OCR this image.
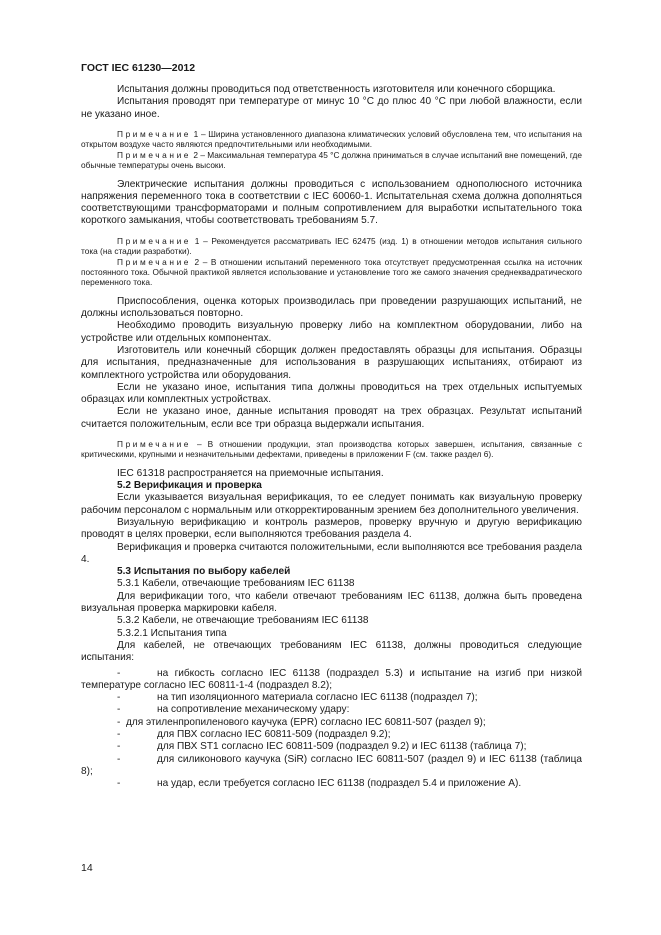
ГОСТ IEC 61230—2012

Испытания должны проводиться под ответственность изготовителя или конечного сборщика.

Испытания проводят при температуре от минус 10 °С до плюс 40 °С при любой влажности, если не указано иное.

Примечание 1 – Ширина установленного диапазона климатических условий обусловлена тем, что испытания на открытом воздухе часто являются предпочтительными или необходимыми.

Примечание 2 – Максимальная температура 45 °С должна приниматься в случае испытаний вне помещений, где обычные температуры очень высоки.

Электрические испытания должны проводиться с использованием однополюсного источника напряжения переменного тока в соответствии с IEC 60060-1. Испытательная схема должна дополняться соответствующими трансформаторами и полным сопротивлением для выработки испытательного тока короткого замыкания, чтобы соответствовать требованиям 5.7.

Примечание 1 – Рекомендуется рассматривать IEC 62475 (изд. 1) в отношении методов испытания сильного тока (на стадии разработки).

Примечание 2 – В отношении испытаний переменного тока отсутствует предусмотренная ссылка на источник постоянного тока. Обычной практикой является использование и установление того же самого значения среднеквадратического переменного тока.

Приспособления, оценка которых производилась при проведении разрушающих испытаний, не должны использоваться повторно.

Необходимо проводить визуальную проверку либо на комплектном оборудовании, либо на устройстве или отдельных компонентах.

Изготовитель или конечный сборщик должен предоставлять образцы для испытания. Образцы для испытания, предназначенные для использования в разрушающих испытаниях, отбирают из комплектного устройства или оборудования.

Если не указано иное, испытания типа должны проводиться на трех отдельных испытуемых образцах или комплектных устройствах.

Если не указано иное, данные испытания проводят на трех образцах. Результат испытаний считается положительным, если все три образца выдержали испытания.

Примечание – В отношении продукции, этап производства которых завершен, испытания, связанные с критическими, крупными и незначительными дефектами, приведены в приложении F (см. также раздел 6).

IEC 61318 распространяется на приемочные испытания.

5.2 Верификация и проверка

Если указывается визуальная верификация, то ее следует понимать как визуальную проверку рабочим персоналом с нормальным или откорректированным зрением без дополнительного увеличения.

Визуальную верификацию и контроль размеров, проверку вручную и другую верификацию проводят в целях проверки, если выполняются требования раздела 4.

Верификация и проверка считаются положительными, если выполняются все требования раздела 4.

5.3 Испытания по выбору кабелей

5.3.1 Кабели, отвечающие требованиям IEC 61138

Для верификации того, что кабели отвечают требованиям IEC 61138, должна быть проведена визуальная проверка маркировки кабеля.

5.3.2 Кабели, не отвечающие требованиям IEC 61138

5.3.2.1 Испытания типа

Для кабелей, не отвечающих требованиям IEC 61138, должны проводиться следующие испытания:

-	на гибкость согласно IEC 61138 (подраздел 5.3) и испытание на изгиб при низкой температуре согласно IEC 60811-1-4 (подраздел 8.2);

-	на тип изоляционного материала согласно IEC 61138 (подраздел 7);

-	на сопротивление механическому удару:

- для этиленпропиленового каучука (EPR) согласно IEC 60811-507 (раздел 9);

-	для ПВХ согласно IEC 60811-509 (подраздел 9.2);

-	для ПВХ ST1 согласно IEC 60811-509 (подраздел 9.2) и IEC 61138 (таблица 7);

-	для силиконового каучука (SiR) согласно IEC 60811-507 (раздел 9) и IEC 61138 (таблица 8);

-	на удар, если требуется согласно IEC 61138 (подраздел 5.4 и приложение А).

14
